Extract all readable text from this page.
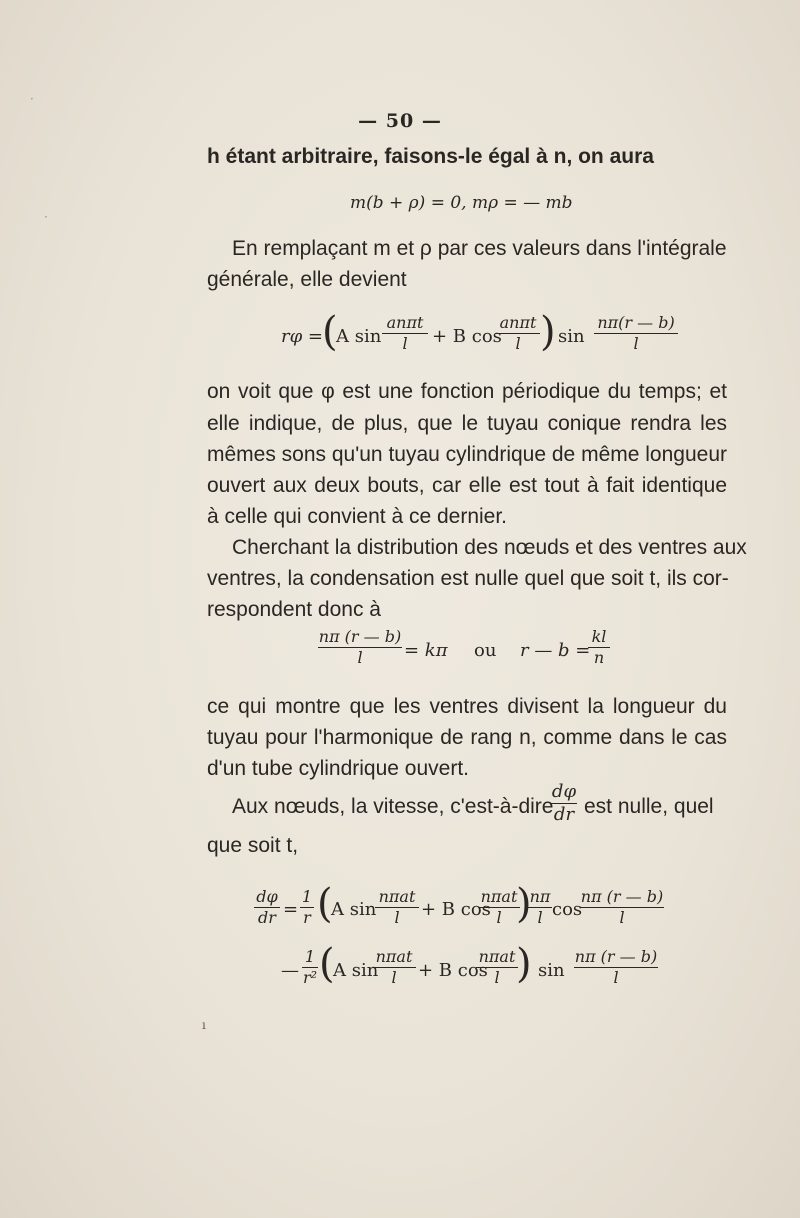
— 50 —
h étant arbitraire, faisons-le égal à n, on aura
m(b + ρ) = 0, mρ = — mb
En remplaçant m et ρ par ces valeurs dans l'intégrale
générale, elle devient
rφ =
(
A sin
anπt
l	+ B cos
anπt
l ) sin
nπ(r — b)
l
on voit que φ est une fonction périodique du temps; et
elle indique, de plus, que le tuyau conique rendra les
mêmes sons qu'un tuyau cylindrique de même longueur
ouvert aux deux bouts, car elle est tout à fait identique
à celle qui convient à ce dernier.
Cherchant la distribution des nœuds et des ventres aux
ventres, la condensation est nulle quel que soit t, ils cor-
respondent donc à
nπ (r — b)
l	= kπ ou r — b =
kl
n
ce qui montre que les ventres divisent la longueur du
tuyau pour l'harmonique de rang n, comme dans le cas
d'un tube cylindrique ouvert.
Aux nœuds, la vitesse, c'est-à-dire
dφ
dr est nulle, quel
que soit t,
dφ
dr =
1
r (
A sin
nπat
l	+ B cos
nπat
l )
nπ
l cos
nπ (r — b)
l
—
1
r² (
A sin
nπat
l	+ B cos
nπat
l ) sin
nπ (r — b)
l
·
·
ı
